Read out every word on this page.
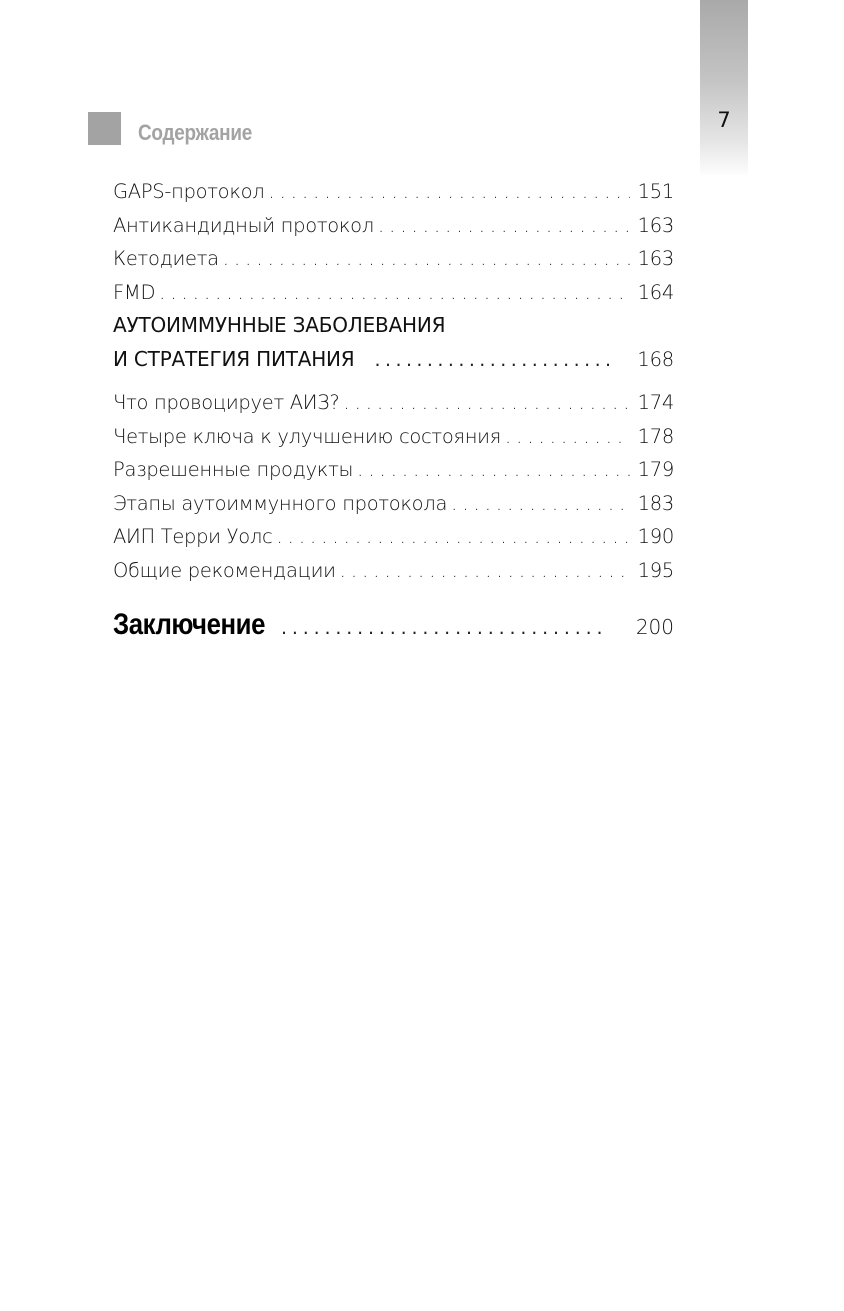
7
Содержание
GAPS-протокол . . .	151
Антикандидный протокол . . .	163
Кетодиета . . .	163
FMD . . .	164
АУТОИММУННЫЕ ЗАБОЛЕВАНИЯ
И СТРАТЕГИЯ ПИТАНИЯ . . .	168
Что провоцирует АИЗ? . . .	174
Четыре ключа к улучшению состояния . . .	178
Разрешенные продукты . . .	179
Этапы аутоиммунного протокола . . .	183
АИП Терри Уолс . . .	190
Общие рекомендации . . .	195
Заключение . . .	200
